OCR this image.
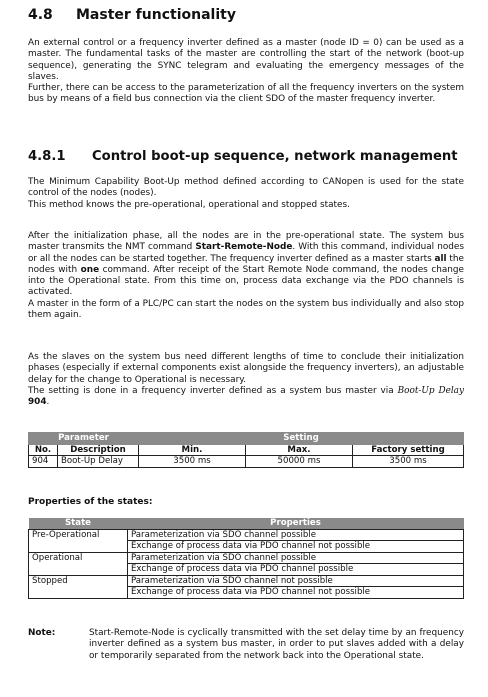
4.8 Master functionality

An external control or a frequency inverter defined as a master (node ID = 0) can be used as a master. The fundamental tasks of the master are controlling the start of the network (boot-up sequence), generating the SYNC telegram and evaluating the emergency messages of the slaves.

Further, there can be access to the parameterization of all the frequency inverters on the system bus by means of a field bus connection via the client SDO of the master frequency inverter.

4.8.1 Control boot-up sequence, network management

The Minimum Capability Boot-Up method defined according to CANopen is used for the state control of the nodes (nodes).

This method knows the pre-operational, operational and stopped states.

After the initialization phase, all the nodes are in the pre-operational state. The system bus master transmits the NMT command Start-Remote-Node. With this command, individual nodes or all the nodes can be started together. The frequency inverter defined as a master starts all the nodes with one command. After receipt of the Start Remote Node command, the nodes change into the Operational state. From this time on, process data exchange via the PDO channels is activated.

A master in the form of a PLC/PC can start the nodes on the system bus individually and also stop them again.

As the slaves on the system bus need different lengths of time to conclude their initialization phases (especially if external components exist alongside the frequency inverters), an adjustable delay for the change to Operational is necessary.

The setting is done in a frequency inverter defined as a system bus master via Boot-Up Delay 904.

Parameter		Setting		
No.	Description	Min.	Max.	Factory setting
904	Boot-Up Delay	3500 ms	50000 ms	3500 ms
Properties of the states:
State	Properties
Pre-Operational	Parameterization via SDO channel possible
Exchange of process data via PDO channel not possible

Operational	Parameterization via SDO channel possible
Exchange of process data via PDO channel possible

Stopped	Parameterization via SDO channel not possible
Exchange of process data via PDO channel not possible
Note:	Start-Remote-Node is cyclically transmitted with the set delay time by an frequency inverter defined as a system bus master, in order to put slaves added with a delay or temporarily separated from the network back into the Operational state.
